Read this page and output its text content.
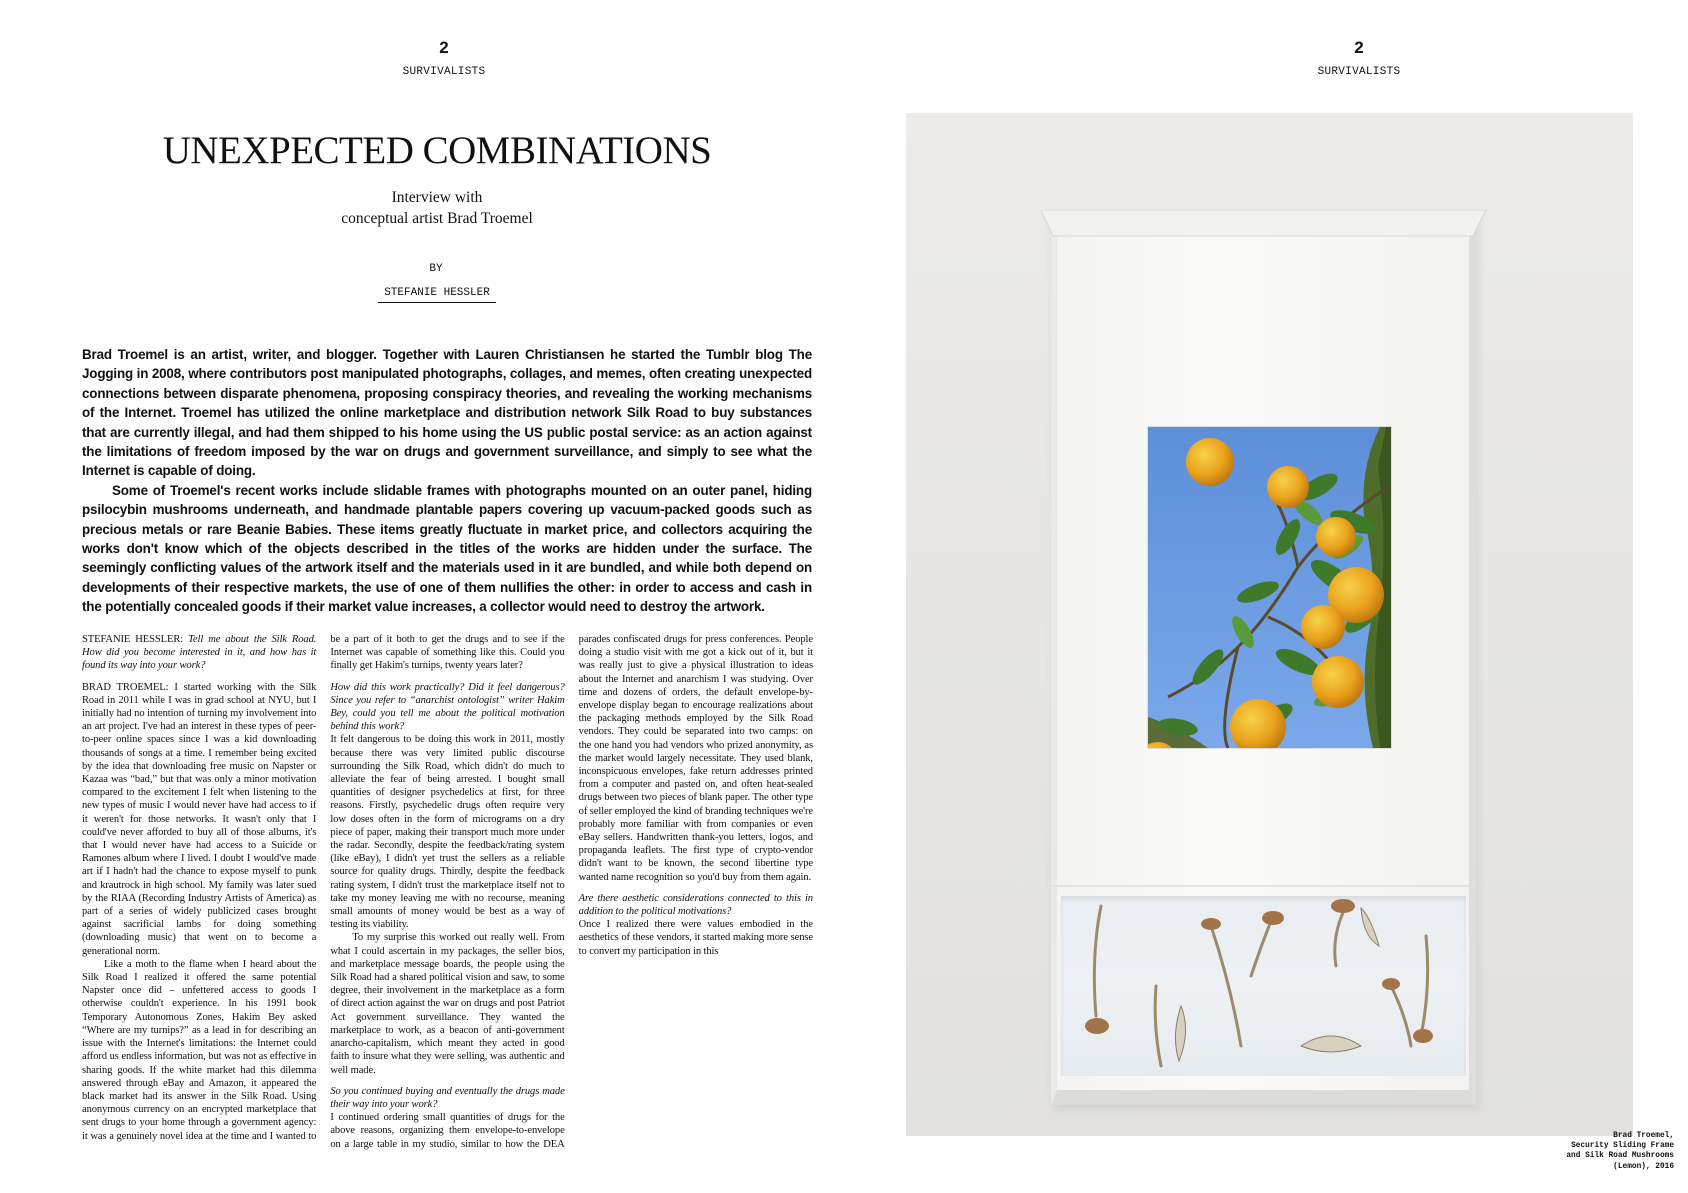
2
SURVIVALISTS
UNEXPECTED COMBINATIONS
Interview with
conceptual artist Brad Troemel
BY
STEFANIE HESSLER

Brad Troemel is an artist, writer, and blogger. Together with Lauren Christiansen he started the Tumblr blog The Jogging in 2008, where contributors post manipulated photographs, collages, and memes, often creating unexpected connections between disparate phenomena, proposing conspiracy theories, and revealing the working mechanisms of the Internet. Troemel has utilized the online marketplace and distribution network Silk Road to buy substances that are currently illegal, and had them shipped to his home using the US public postal service: as an action against the limitations of freedom imposed by the war on drugs and government surveillance, and simply to see what the Internet is capable of doing.

Some of Troemel's recent works include slidable frames with photographs mounted on an outer panel, hiding psilocybin mushrooms underneath, and handmade plantable papers covering up vacuum-packed goods such as precious metals or rare Beanie Babies. These items greatly fluctuate in market price, and collectors acquiring the works don't know which of the objects described in the titles of the works are hidden under the surface. The seemingly conflicting values of the artwork itself and the materials used in it are bundled, and while both depend on developments of their respective markets, the use of one of them nullifies the other: in order to access and cash in the potentially concealed goods if their market value increases, a collector would need to destroy the artwork.

STEFANIE HESSLER: Tell me about the Silk Road. How did you become interested in it, and how has it found its way into your work?

BRAD TROEMEL: I started working with the Silk Road in 2011 while I was in grad school at NYU, but I initially had no intention of turning my involvement into an art project. I've had an interest in these types of peer-to-peer online spaces since I was a kid downloading thousands of songs at a time. I remember being excited by the idea that downloading free music on Napster or Kazaa was “bad,” but that was only a minor motivation compared to the excitement I felt when listening to the new types of music I would never have had access to if it weren't for those networks. It wasn't only that I could've never afforded to buy all of those albums, it's that I would never have had access to a Suicide or Ramones album where I lived. I doubt I would've made art if I hadn't had the chance to expose myself to punk and krautrock in high school. My family was later sued by the RIAA (Recording Industry Artists of America) as part of a series of widely publicized cases brought against sacrificial lambs for doing something (downloading music) that went on to become a generational norm.

Like a moth to the flame when I heard about the Silk Road I realized it offered the same potential Napster once did – unfettered access to goods I otherwise couldn't experience. In his 1991 book Temporary Autonomous Zones, Hakim Bey asked “Where are my turnips?” as a lead in for describing an issue with the Internet's limitations: the Internet could afford us endless information, but was not as effective in sharing goods. If the white market had this dilemma answered through eBay and Amazon, it appeared the black market had its answer in the Silk Road. Using anonymous currency on an encrypted marketplace that sent drugs to your home through a government agency: it was a genuinely novel idea at the time and I wanted to be a part of it both to get the drugs and to see if the Internet was capable of something like this. Could you finally get Hakim's turnips, twenty years later?

How did this work practically? Did it feel dangerous? Since you refer to “anarchist ontologist” writer Hakim Bey, could you tell me about the political motivation behind this work?

It felt dangerous to be doing this work in 2011, mostly because there was very limited public discourse surrounding the Silk Road, which didn't do much to alleviate the fear of being arrested. I bought small quantities of designer psychedelics at first, for three reasons. Firstly, psychedelic drugs often require very low doses often in the form of micrograms on a dry piece of paper, making their transport much more under the radar. Secondly, despite the feedback/rating system (like eBay), I didn't yet trust the sellers as a reliable source for quality drugs. Thirdly, despite the feedback rating system, I didn't trust the marketplace itself not to take my money leaving me with no recourse, meaning small amounts of money would be best as a way of testing its viability.

To my surprise this worked out really well. From what I could ascertain in my packages, the seller bios, and marketplace message boards, the people using the Silk Road had a shared political vision and saw, to some degree, their involvement in the marketplace as a form of direct action against the war on drugs and post Patriot Act government surveillance. They wanted the marketplace to work, as a beacon of anti-government anarcho-capitalism, which meant they acted in good faith to insure what they were selling, was authentic and well made.

So you continued buying and eventually the drugs made their way into your work?

I continued ordering small quantities of drugs for the above reasons, organizing them envelope-to-envelope on a large table in my studio, similar to how the DEA parades confiscated drugs for press conferences. People doing a studio visit with me got a kick out of it, but it was really just to give a physical illustration to ideas about the Internet and anarchism I was studying. Over time and dozens of orders, the default envelope-by-envelope display began to encourage realizations about the packaging methods employed by the Silk Road vendors. They could be separated into two camps: on the one hand you had vendors who prized anonymity, as the market would largely necessitate. They used blank, inconspicuous envelopes, fake return addresses printed from a computer and pasted on, and often heat-sealed drugs between two pieces of blank paper. The other type of seller employed the kind of branding techniques we're probably more familiar with from companies or even eBay sellers. Handwritten thank-you letters, logos, and propaganda leaflets. The first type of crypto-vendor didn't want to be known, the second libertine type wanted name recognition so you'd buy from them again.

Are there aesthetic considerations connected to this in addition to the political motivations?

Once I realized there were values embodied in the aesthetics of these vendors, it started making more sense to convert my participation in this

2
SURVIVALISTS
Brad Troemel,
Security Sliding Frame
and Silk Road Mushrooms
(Lemon), 2016
